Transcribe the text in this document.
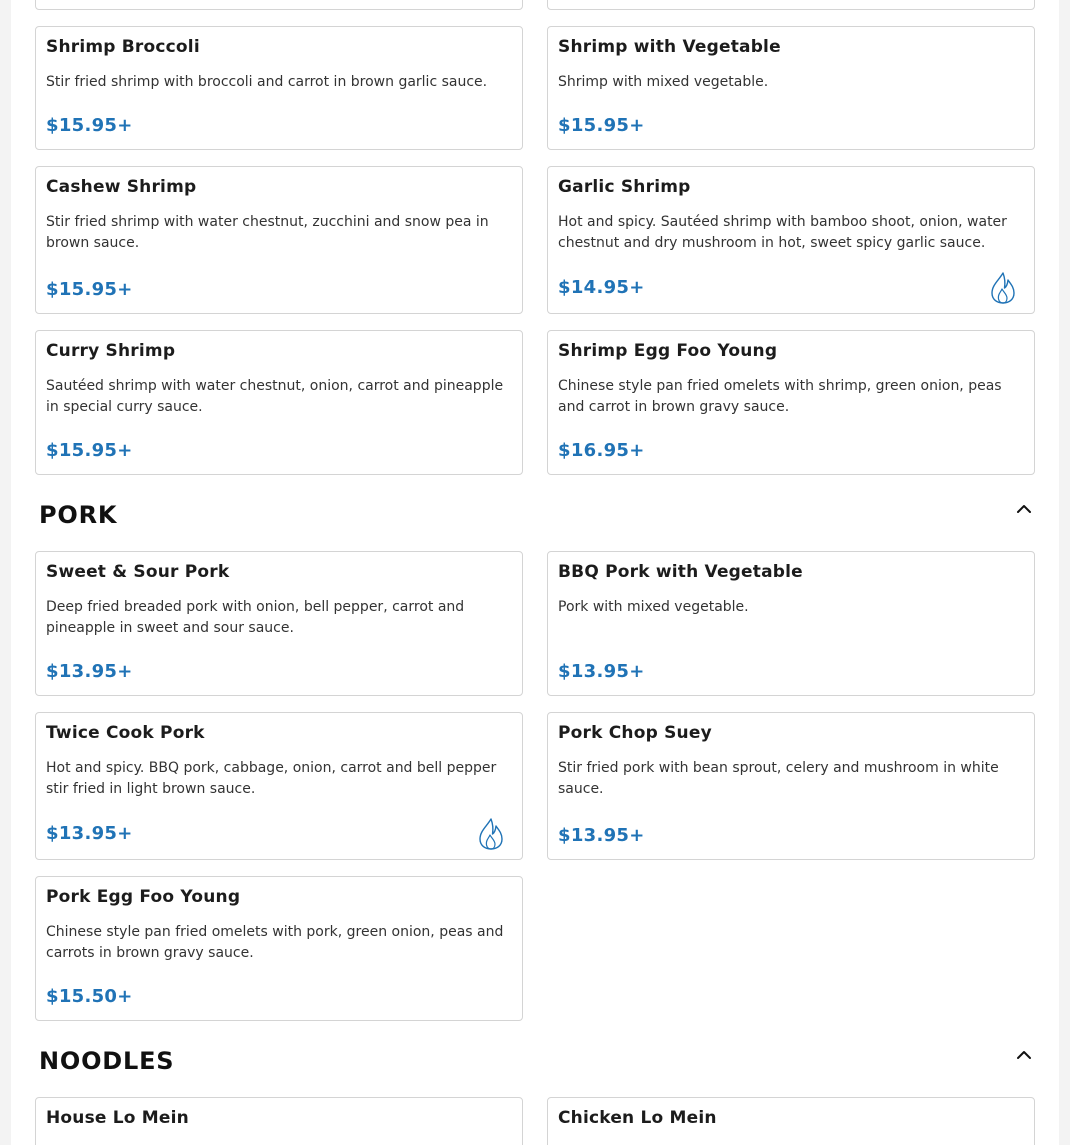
Shrimp Broccoli
Stir fried shrimp with broccoli and carrot in brown garlic sauce.
$15.95+
Shrimp with Vegetable
Shrimp with mixed vegetable.
$15.95+
Cashew Shrimp
Stir fried shrimp with water chestnut, zucchini and snow pea in brown sauce.
$15.95+
Garlic Shrimp
Hot and spicy. Sautéed shrimp with bamboo shoot, onion, water chestnut and dry mushroom in hot, sweet spicy garlic sauce.
$14.95+
Curry Shrimp
Sautéed shrimp with water chestnut, onion, carrot and pineapple in special curry sauce.
$15.95+
Shrimp Egg Foo Young
Chinese style pan fried omelets with shrimp, green onion, peas and carrot in brown gravy sauce.
$16.95+
PORK
Sweet & Sour Pork
Deep fried breaded pork with onion, bell pepper, carrot and pineapple in sweet and sour sauce.
$13.95+
BBQ Pork with Vegetable
Pork with mixed vegetable.
$13.95+
Twice Cook Pork
Hot and spicy. BBQ pork, cabbage, onion, carrot and bell pepper stir fried in light brown sauce.
$13.95+
Pork Chop Suey
Stir fried pork with bean sprout, celery and mushroom in white sauce.
$13.95+
Pork Egg Foo Young
Chinese style pan fried omelets with pork, green onion, peas and carrots in brown gravy sauce.
$15.50+
NOODLES
House Lo Mein	Chicken Lo Mein
